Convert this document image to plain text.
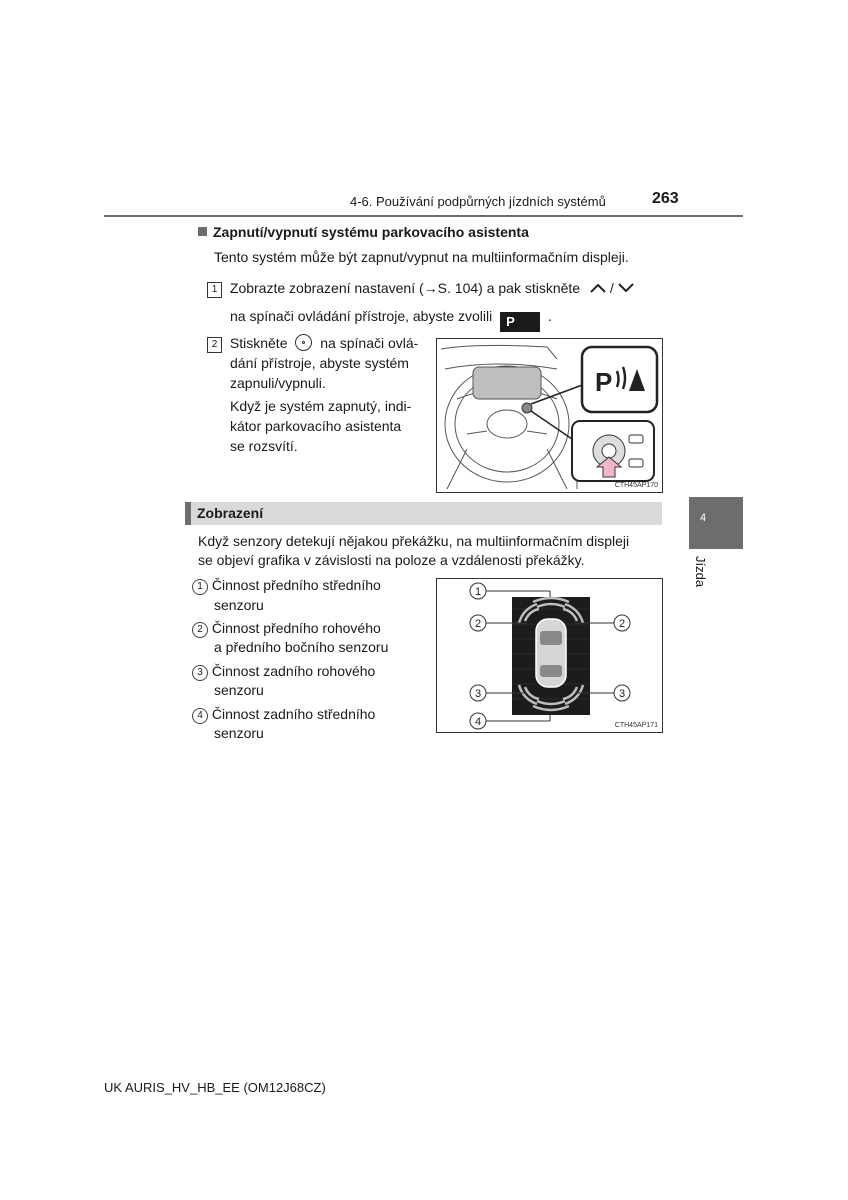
4-6. Používání podpůrných jízdních systémů	263
4
Jízda
Zapnutí/vypnutí systému parkovacího asistenta
Tento systém může být zapnut/vypnut na multiinformačním displeji.
1 Zobrazte zobrazení nastavení (→S. 104) a pak stiskněte /
na spínači ovládání přístroje, abyste zvolili P .
2 Stiskněte na spínači ovlá-
dání přístroje, abyste systém
zapnuli/vypnuli.
Když je systém zapnutý, indi-
kátor parkovacího asistenta
se rozsvítí.
P
CTH45AP170
Zobrazení
Když senzory detekují nějakou překážku, na multiinformačním displeji
se objeví grafika v závislosti na poloze a vzdálenosti překážky.
1 Činnost předního středního
senzoru
2 Činnost předního rohového
a předního bočního senzoru
3 Činnost zadního rohového
senzoru
4 Činnost zadního středního
senzoru
1
2	2
3	3
4	CTH45AP171
UK AURIS_HV_HB_EE (OM12J68CZ)
